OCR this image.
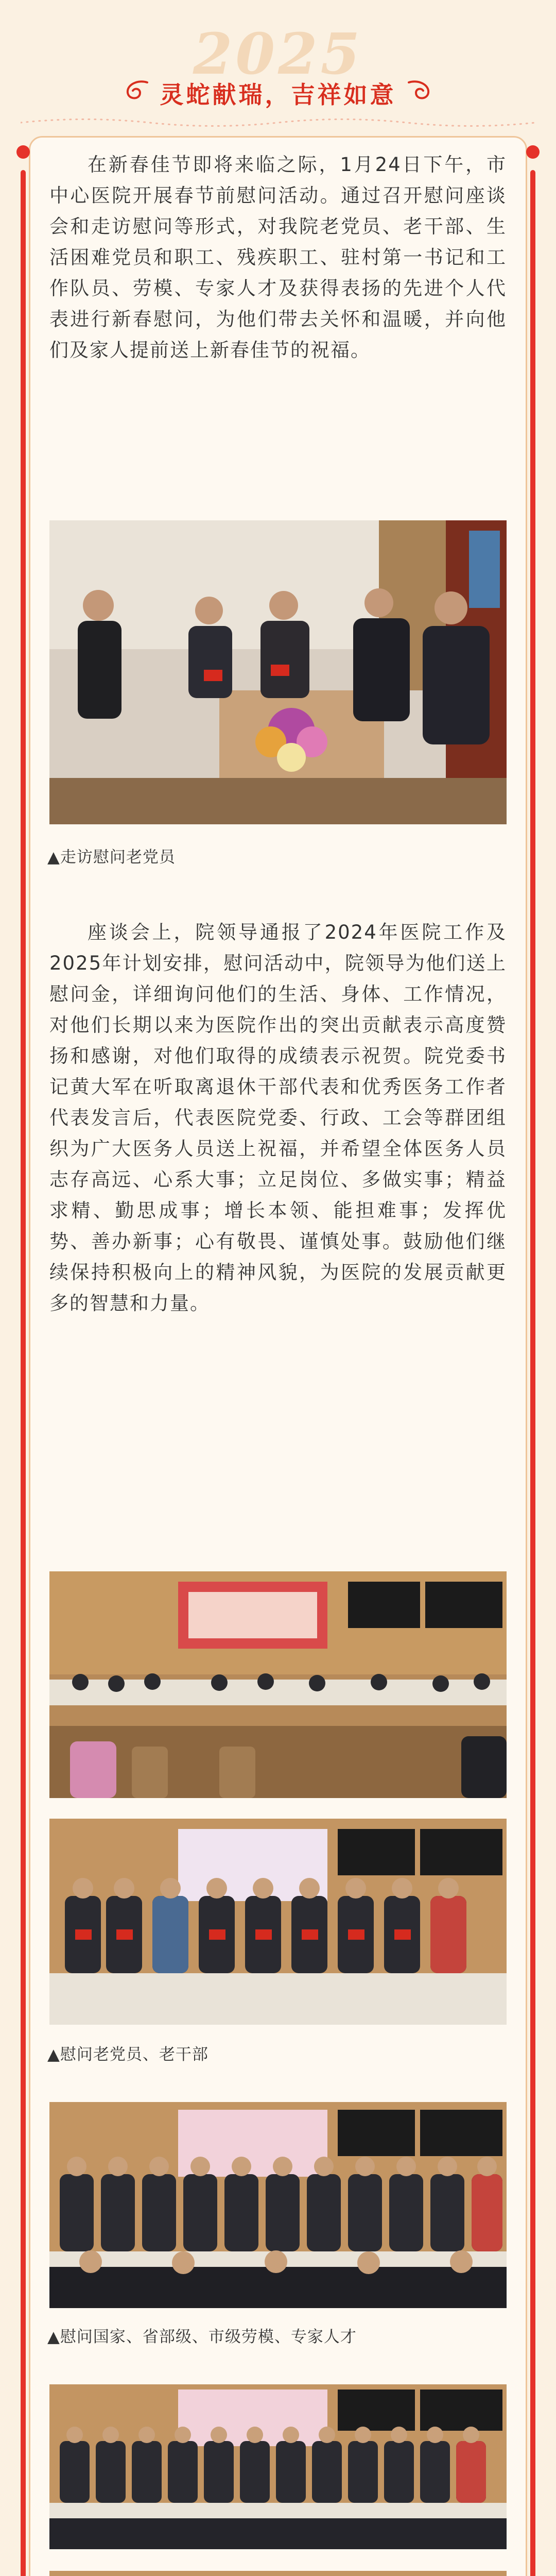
2025
灵蛇献瑞，吉祥如意

在新春佳节即将来临之际，1月24日下午，市中心医院开展春节前慰问活动。通过召开慰问座谈会和走访慰问等形式，对我院老党员、老干部、生活困难党员和职工、残疾职工、驻村第一书记和工作队员、劳模、专家人才及获得表扬的先进个人代表进行新春慰问，为他们带去关怀和温暖，并向他们及家人提前送上新春佳节的祝福。

▲走访慰问老党员

座谈会上，院领导通报了2024年医院工作及2025年计划安排，慰问活动中，院领导为他们送上慰问金，详细询问他们的生活、身体、工作情况，对他们长期以来为医院作出的突出贡献表示高度赞扬和感谢，对他们取得的成绩表示祝贺。院党委书记黄大军在听取离退休干部代表和优秀医务工作者代表发言后，代表医院党委、行政、工会等群团组织为广大医务人员送上祝福，并希望全体医务人员志存高远、心系大事；立足岗位、多做实事；精益求精、勤思成事；增长本领、能担难事；发挥优势、善办新事；心有敬畏、谨慎处事。鼓励他们继续保持积极向上的精神风貌，为医院的发展贡献更多的智慧和力量。

▲慰问老党员、老干部
▲慰问国家、省部级、市级劳模、专家人才
